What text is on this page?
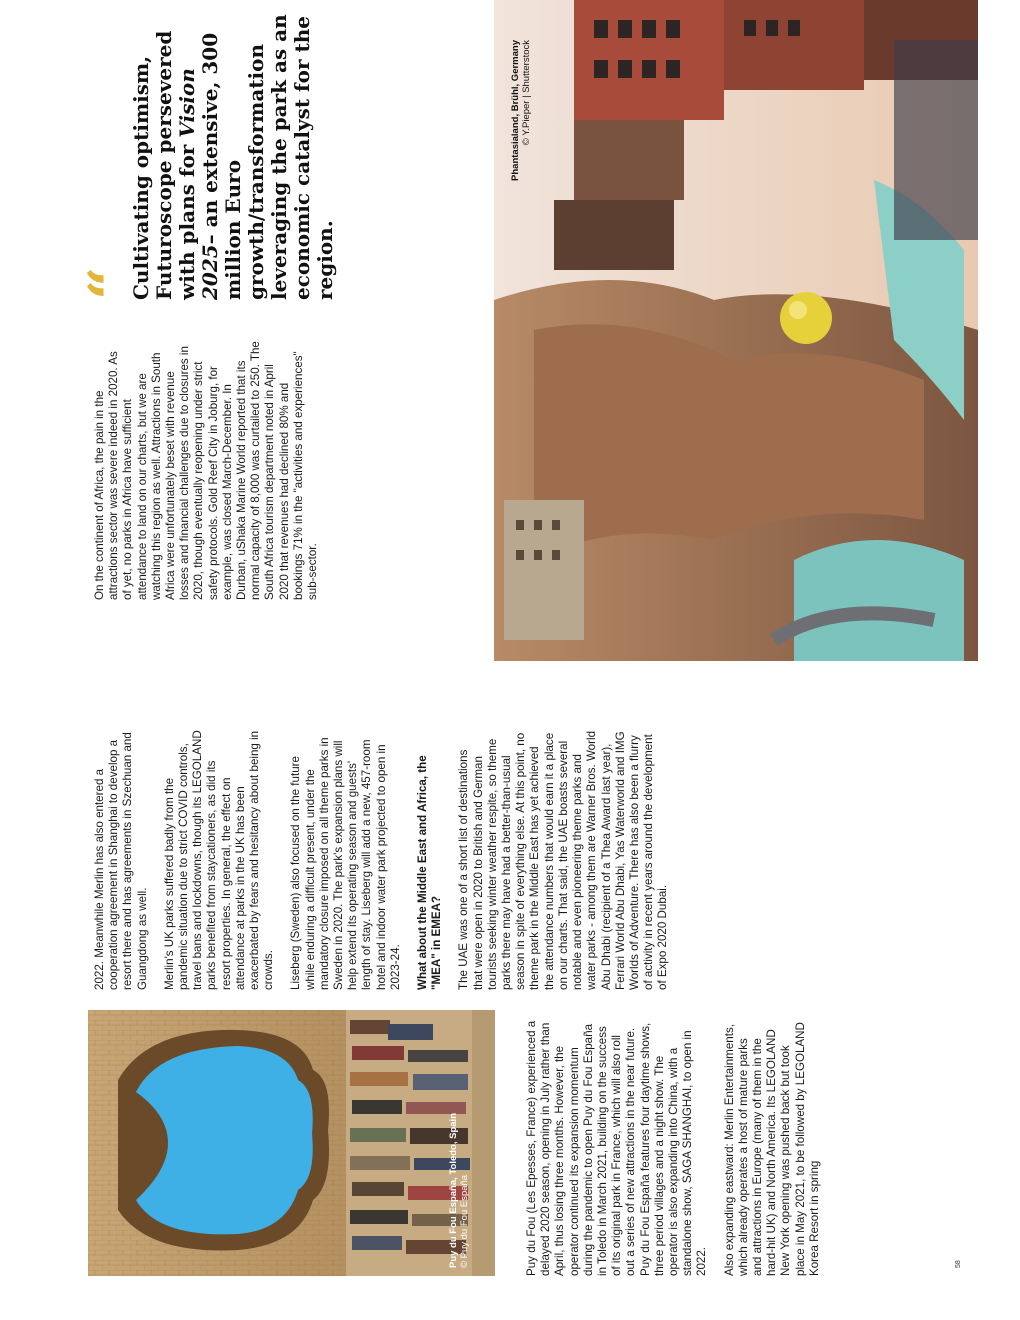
58
Puy du Fou España, Toledo, Spain © Puy du Fou España
Phantasialand, Brühl, Germany © Y.Pieper | Shutterstock

Puy du Fou (Les Epesses, France) experienced a delayed 2020 season, opening in July rather than April, thus losing three months. However, the operator continued its expansion momentum during the pandemic to open Puy du Fou España in Toledo in March 2021, building on the success of its original park in France, which will also roll out a series of new attractions in the near future. Puy du Fou España features four daytime shows, three period villages and a night show. The operator is also expanding into China, with a standalone show, SAGA SHANGHAI, to open in 2022. Also expanding eastward: Merlin Entertainments, which already operates a host of mature parks and attractions in Europe (many of them in the hard-hit UK) and North America. Its LEGOLAND New York opening was pushed back but took place in May 2021, to be followed by LEGOLAND Korea Resort in spring

2022. Meanwhile Merlin has also entered a cooperation agreement in Shanghai to develop a resort there and has agreements in Szechuan and Guangdong as well. Merlin's UK parks suffered badly from the pandemic situation due to strict COVID controls, travel bans and lockdowns, though its LEGOLAND parks benefited from staycationers, as did its resort properties. In general, the effect on attendance at parks in the UK has been exacerbated by fears and hesitancy about being in crowds. Liseberg (Sweden) also focused on the future while enduring a difficult present, under the mandatory closure imposed on all theme parks in Sweden in 2020. The park's expansion plans will help extend its operating season and guests' length of stay. Liseberg will add a new, 457-room hotel and indoor water park projected to open in 2023-24. What about the Middle East and Africa, the "MEA" in EMEA? The UAE was one of a short list of destinations that were open in 2020 to British and German tourists seeking winter weather respite, so theme parks there may have had a better-than-usual season in spite of everything else. At this point, no theme park in the Middle East has yet achieved the attendance numbers that would earn it a place on our charts. That said, the UAE boasts several notable and even pioneering theme parks and water parks - among them are Warner Bros. World Abu Dhabi (recipient of a Thea Award last year), Ferrari World Abu Dhabi, Yas Waterworld and IMG Worlds of Adventure. There has also been a flurry of activity in recent years around the development of Expo 2020 Dubai.

On the continent of Africa, the pain in the attractions sector was severe indeed in 2020. As of yet, no parks in Africa have sufficient attendance to land on our charts, but we are watching this region as well. Attractions in South Africa were unfortunately beset with revenue losses and financial challenges due to closures in 2020, though eventually reopening under strict safety protocols. Gold Reef City in Joburg, for example, was closed March-December. In Durban, uShaka Marine World reported that its normal capacity of 8,000 was curtailed to 250. The South Africa tourism department noted in April 2020 that revenues had declined 80% and bookings 71% in the "activities and experiences" sub-sector.

“
Cultivating optimism, Futuroscope persevered with plans for Vision 2025– an extensive, 300 million Euro growth/transformation leveraging the park as an economic catalyst for the region.
